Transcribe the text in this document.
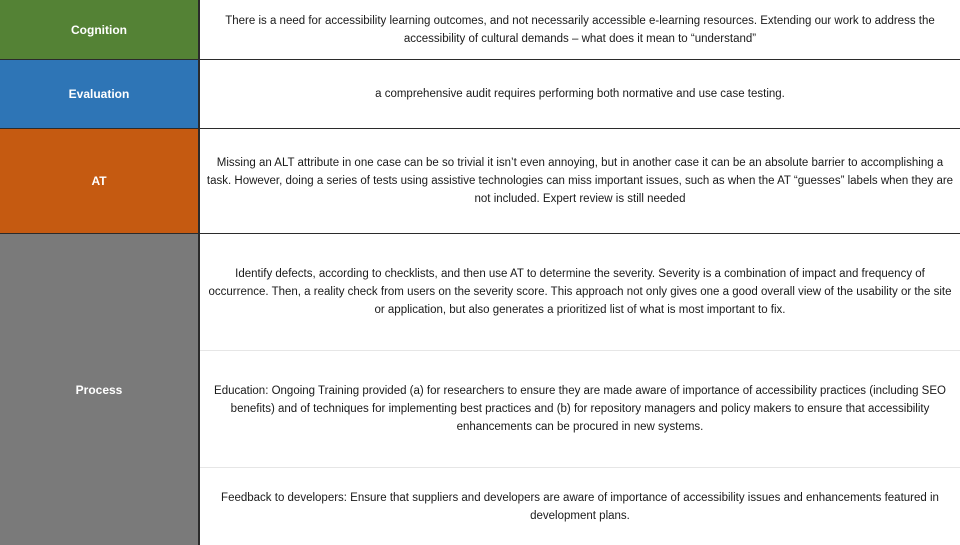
Cognition
There is a need for accessibility learning outcomes, and not necessarily accessible e-learning resources. Extending our work to address the accessibility of cultural demands – what does it mean to “understand”
Evaluation	a comprehensive audit requires performing both normative and use case testing.
AT
Missing an ALT attribute in one case can be so trivial it isn’t even annoying, but in another case it can be an absolute barrier to accomplishing a task. However, doing a series of tests using assistive technologies can miss important issues, such as when the AT “guesses” labels when they are not included. Expert review is still needed
Process
Identify defects, according to checklists, and then use AT to determine the severity. Severity is a combination of impact and frequency of occurrence. Then, a reality check from users on the severity score. This approach not only gives one a good overall view of the usability or the site or application, but also generates a prioritized list of what is most important to fix.
Education: Ongoing Training provided (a) for researchers to ensure they are made aware of importance of accessibility practices (including SEO benefits) and of techniques for implementing best practices and (b) for repository managers and policy makers to ensure that accessibility enhancements can be procured in new systems.
Feedback to developers: Ensure that suppliers and developers are aware of importance of accessibility issues and enhancements featured in development plans.
